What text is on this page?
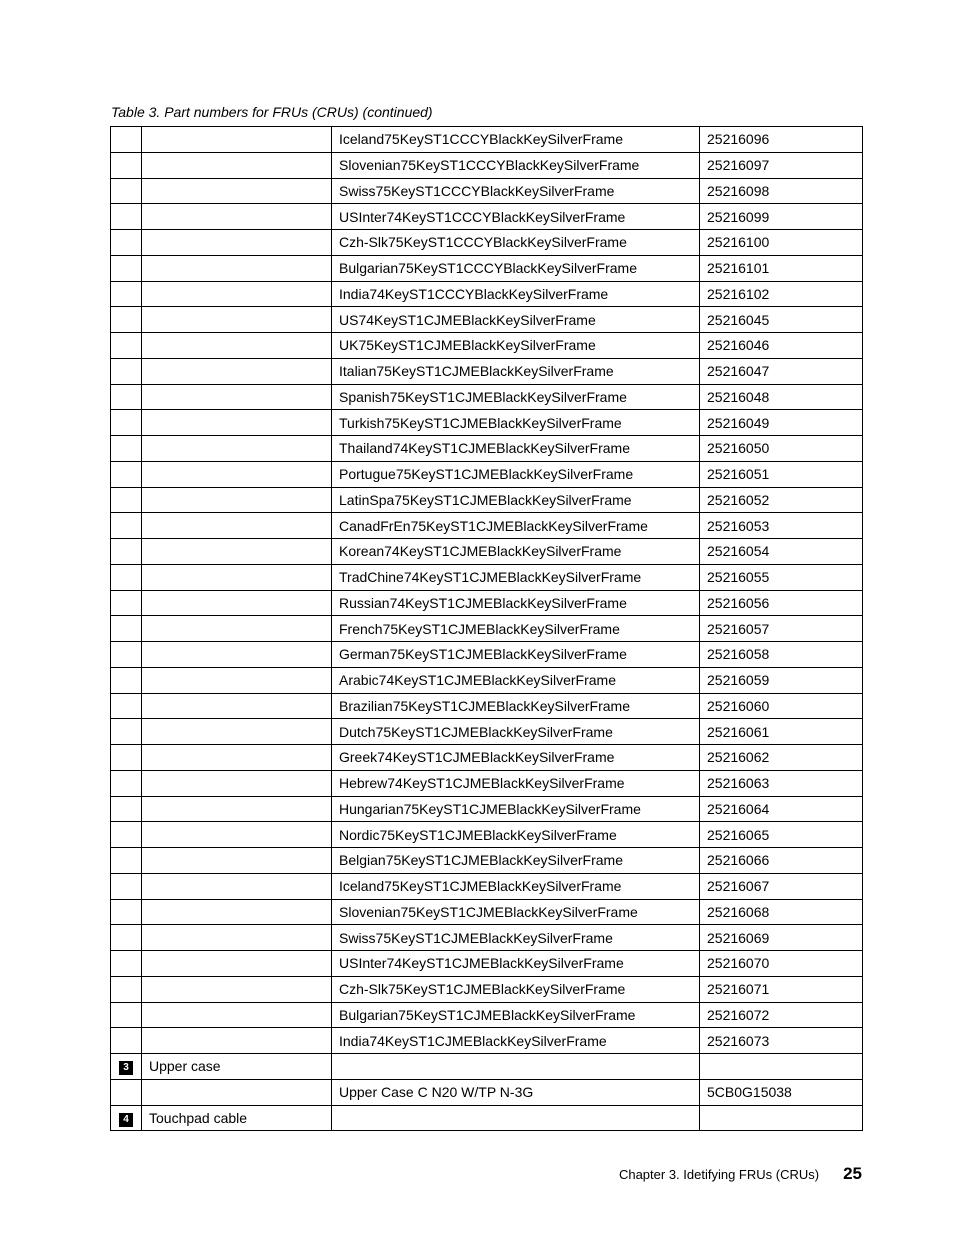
Table 3. Part numbers for FRUs (CRUs) (continued)
		Iceland75KeyST1CCCYBlackKeySilverFrame	25216096
		Slovenian75KeyST1CCCYBlackKeySilverFrame	25216097
		Swiss75KeyST1CCCYBlackKeySilverFrame	25216098
		USInter74KeyST1CCCYBlackKeySilverFrame	25216099
		Czh-Slk75KeyST1CCCYBlackKeySilverFrame	25216100
		Bulgarian75KeyST1CCCYBlackKeySilverFrame	25216101
		India74KeyST1CCCYBlackKeySilverFrame	25216102
		US74KeyST1CJMEBlackKeySilverFrame	25216045
		UK75KeyST1CJMEBlackKeySilverFrame	25216046
		Italian75KeyST1CJMEBlackKeySilverFrame	25216047
		Spanish75KeyST1CJMEBlackKeySilverFrame	25216048
		Turkish75KeyST1CJMEBlackKeySilverFrame	25216049
		Thailand74KeyST1CJMEBlackKeySilverFrame	25216050
		Portugue75KeyST1CJMEBlackKeySilverFrame	25216051
		LatinSpa75KeyST1CJMEBlackKeySilverFrame	25216052
		CanadFrEn75KeyST1CJMEBlackKeySilverFrame	25216053
		Korean74KeyST1CJMEBlackKeySilverFrame	25216054
		TradChine74KeyST1CJMEBlackKeySilverFrame	25216055
		Russian74KeyST1CJMEBlackKeySilverFrame	25216056
		French75KeyST1CJMEBlackKeySilverFrame	25216057
		German75KeyST1CJMEBlackKeySilverFrame	25216058
		Arabic74KeyST1CJMEBlackKeySilverFrame	25216059
		Brazilian75KeyST1CJMEBlackKeySilverFrame	25216060
		Dutch75KeyST1CJMEBlackKeySilverFrame	25216061
		Greek74KeyST1CJMEBlackKeySilverFrame	25216062
		Hebrew74KeyST1CJMEBlackKeySilverFrame	25216063
		Hungarian75KeyST1CJMEBlackKeySilverFrame	25216064
		Nordic75KeyST1CJMEBlackKeySilverFrame	25216065
		Belgian75KeyST1CJMEBlackKeySilverFrame	25216066
		Iceland75KeyST1CJMEBlackKeySilverFrame	25216067
		Slovenian75KeyST1CJMEBlackKeySilverFrame	25216068
		Swiss75KeyST1CJMEBlackKeySilverFrame	25216069
		USInter74KeyST1CJMEBlackKeySilverFrame	25216070
		Czh-Slk75KeyST1CJMEBlackKeySilverFrame	25216071
		Bulgarian75KeyST1CJMEBlackKeySilverFrame	25216072
		India74KeyST1CJMEBlackKeySilverFrame	25216073
3	Upper case		
		Upper Case C N20 W/TP N-3G	5CB0G15038
4	Touchpad cable		
Chapter 3. Idetifying FRUs (CRUs) 25
